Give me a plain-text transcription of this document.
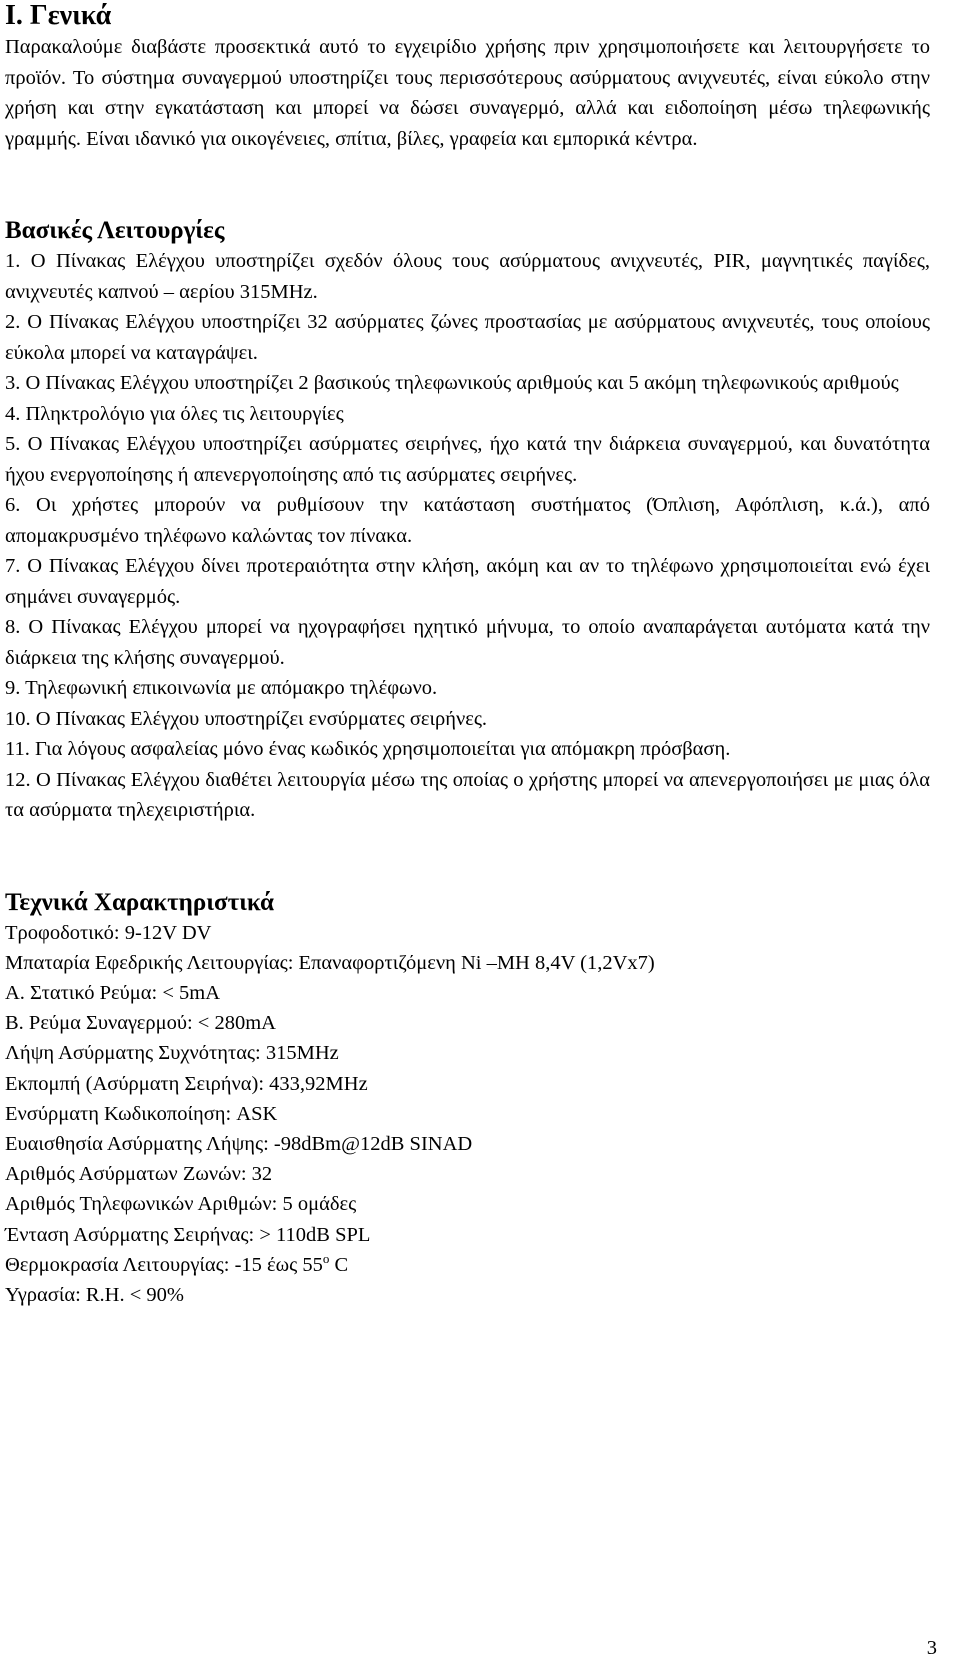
I. Γενικά

Παρακαλούμε διαβάστε προσεκτικά αυτό το εγχειρίδιο χρήσης πριν χρησιμοποιήσετε και λειτουργήσετε το προϊόν. Το σύστημα συναγερμού υποστηρίζει τους περισσότερους ασύρματους ανιχνευτές, είναι εύκολο στην χρήση και στην εγκατάσταση και μπορεί να δώσει συναγερμό, αλλά και ειδοποίηση μέσω τηλεφωνικής γραμμής. Είναι ιδανικό για οικογένειες, σπίτια, βίλες, γραφεία και εμπορικά κέντρα.

Βασικές Λειτουργίες
1. Ο Πίνακας Ελέγχου υποστηρίζει σχεδόν όλους τους ασύρματους ανιχνευτές, PIR, μαγνητικές παγίδες, ανιχνευτές καπνού – αερίου 315MHz.
2. Ο Πίνακας Ελέγχου υποστηρίζει 32 ασύρματες ζώνες προστασίας με ασύρματους ανιχνευτές, τους οποίους εύκολα μπορεί να καταγράψει.
3. Ο Πίνακας Ελέγχου υποστηρίζει 2 βασικούς τηλεφωνικούς αριθμούς και 5 ακόμη τηλεφωνικούς αριθμούς
4. Πληκτρολόγιο για όλες τις λειτουργίες
5. Ο Πίνακας Ελέγχου υποστηρίζει ασύρματες σειρήνες, ήχο κατά την διάρκεια συναγερμού, και δυνατότητα ήχου ενεργοποίησης ή απενεργοποίησης από τις ασύρματες σειρήνες.
6. Οι χρήστες μπορούν να ρυθμίσουν την κατάσταση συστήματος (Όπλιση, Αφόπλιση, κ.ά.), από απομακρυσμένο τηλέφωνο καλώντας τον πίνακα.
7. Ο Πίνακας Ελέγχου δίνει προτεραιότητα στην κλήση, ακόμη και αν το τηλέφωνο χρησιμοποιείται ενώ έχει σημάνει συναγερμός.
8. Ο Πίνακας Ελέγχου μπορεί να ηχογραφήσει ηχητικό μήνυμα, το οποίο αναπαράγεται αυτόματα κατά την διάρκεια της κλήσης συναγερμού.
9. Τηλεφωνική επικοινωνία με απόμακρο τηλέφωνο.
10. Ο Πίνακας Ελέγχου υποστηρίζει ενσύρματες σειρήνες.
11. Για λόγους ασφαλείας μόνο ένας κωδικός χρησιμοποιείται για απόμακρη πρόσβαση.
12. Ο Πίνακας Ελέγχου διαθέτει λειτουργία μέσω της οποίας ο χρήστης μπορεί να απενεργοποιήσει με μιας όλα τα ασύρματα τηλεχειριστήρια.
Τεχνικά Χαρακτηριστικά
Τροφοδοτικό: 9-12V DV
Μπαταρία Εφεδρικής Λειτουργίας: Επαναφορτιζόμενη Ni –MH 8,4V (1,2Vx7)
A. Στατικό Ρεύμα: < 5mA
B. Ρεύμα Συναγερμού: < 280mA
Λήψη Ασύρματης Συχνότητας: 315MHz
Εκπομπή (Ασύρματη Σειρήνα): 433,92MHz
Ενσύρματη Κωδικοποίηση: ASK
Ευαισθησία Ασύρματης Λήψης: -98dBm@12dB SINAD
Αριθμός Ασύρματων Ζωνών: 32
Αριθμός Τηλεφωνικών Αριθμών: 5 ομάδες
Ένταση Ασύρματης Σειρήνας: > 110dB SPL
Θερμοκρασία Λειτουργίας: -15 έως $55^o$ C
Υγρασία: R.H. < 90%
3
